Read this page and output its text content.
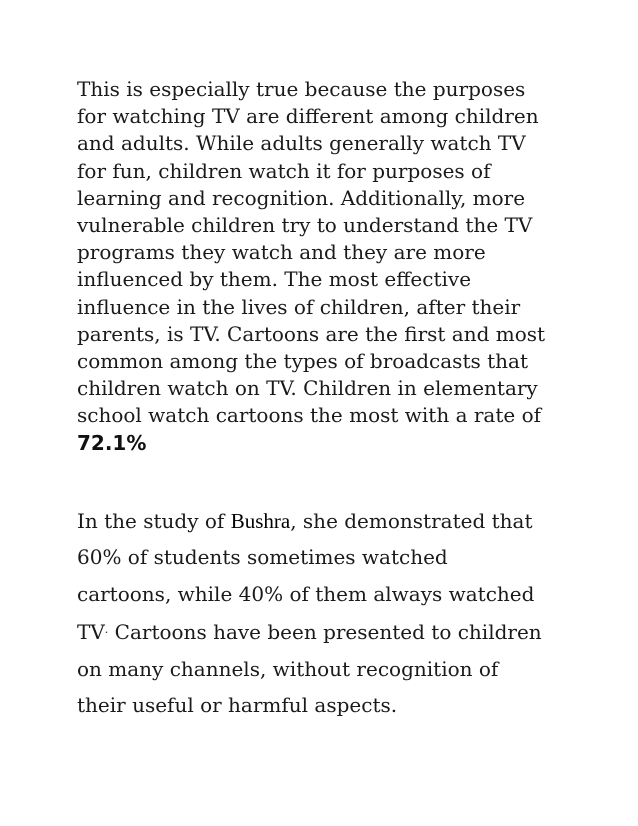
This is especially true because the purposes
for watching TV are different among children
and adults. While adults generally watch TV
for fun, children watch it for purposes of
learning and recognition. Additionally, more
vulnerable children try to understand the TV
programs they watch and they are more
influenced by them. The most effective
influence in the lives of children, after their
parents, is TV. Cartoons are the first and most
common among the types of broadcasts that
children watch on TV. Children in elementary
school watch cartoons the most with a rate of
72.1%

In the study of Bushra, she demonstrated that
60% of students sometimes watched
cartoons, while 40% of them always watched
TV. Cartoons have been presented to children
on many channels, without recognition of
their useful or harmful aspects.
